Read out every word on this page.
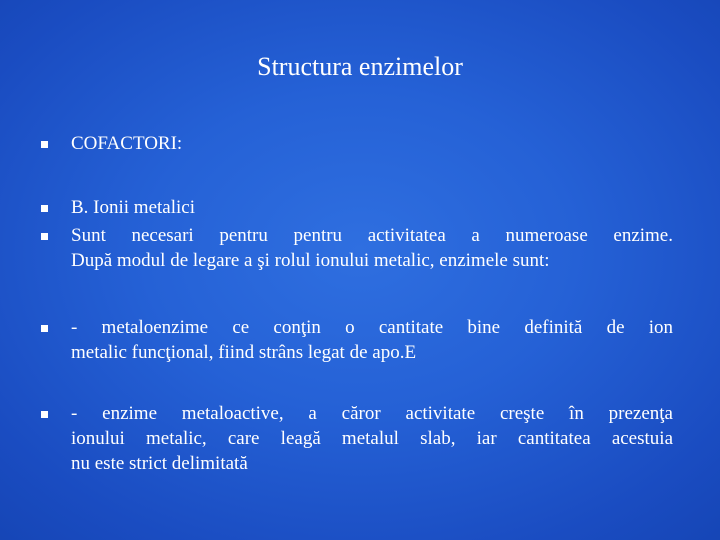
Structura enzimelor
COFACTORI:
B. Ionii metalici
Sunt necesari pentru pentru activitatea a numeroase enzime.
După modul de legare a şi rolul ionului metalic, enzimele sunt:
- metaloenzime ce conţin o cantitate bine definită de ion
metalic funcţional, fiind strâns legat de apo.E
- enzime metaloactive, a căror activitate creşte în prezenţa
ionului metalic, care leagă metalul slab, iar cantitatea acestuia
nu este strict delimitată
